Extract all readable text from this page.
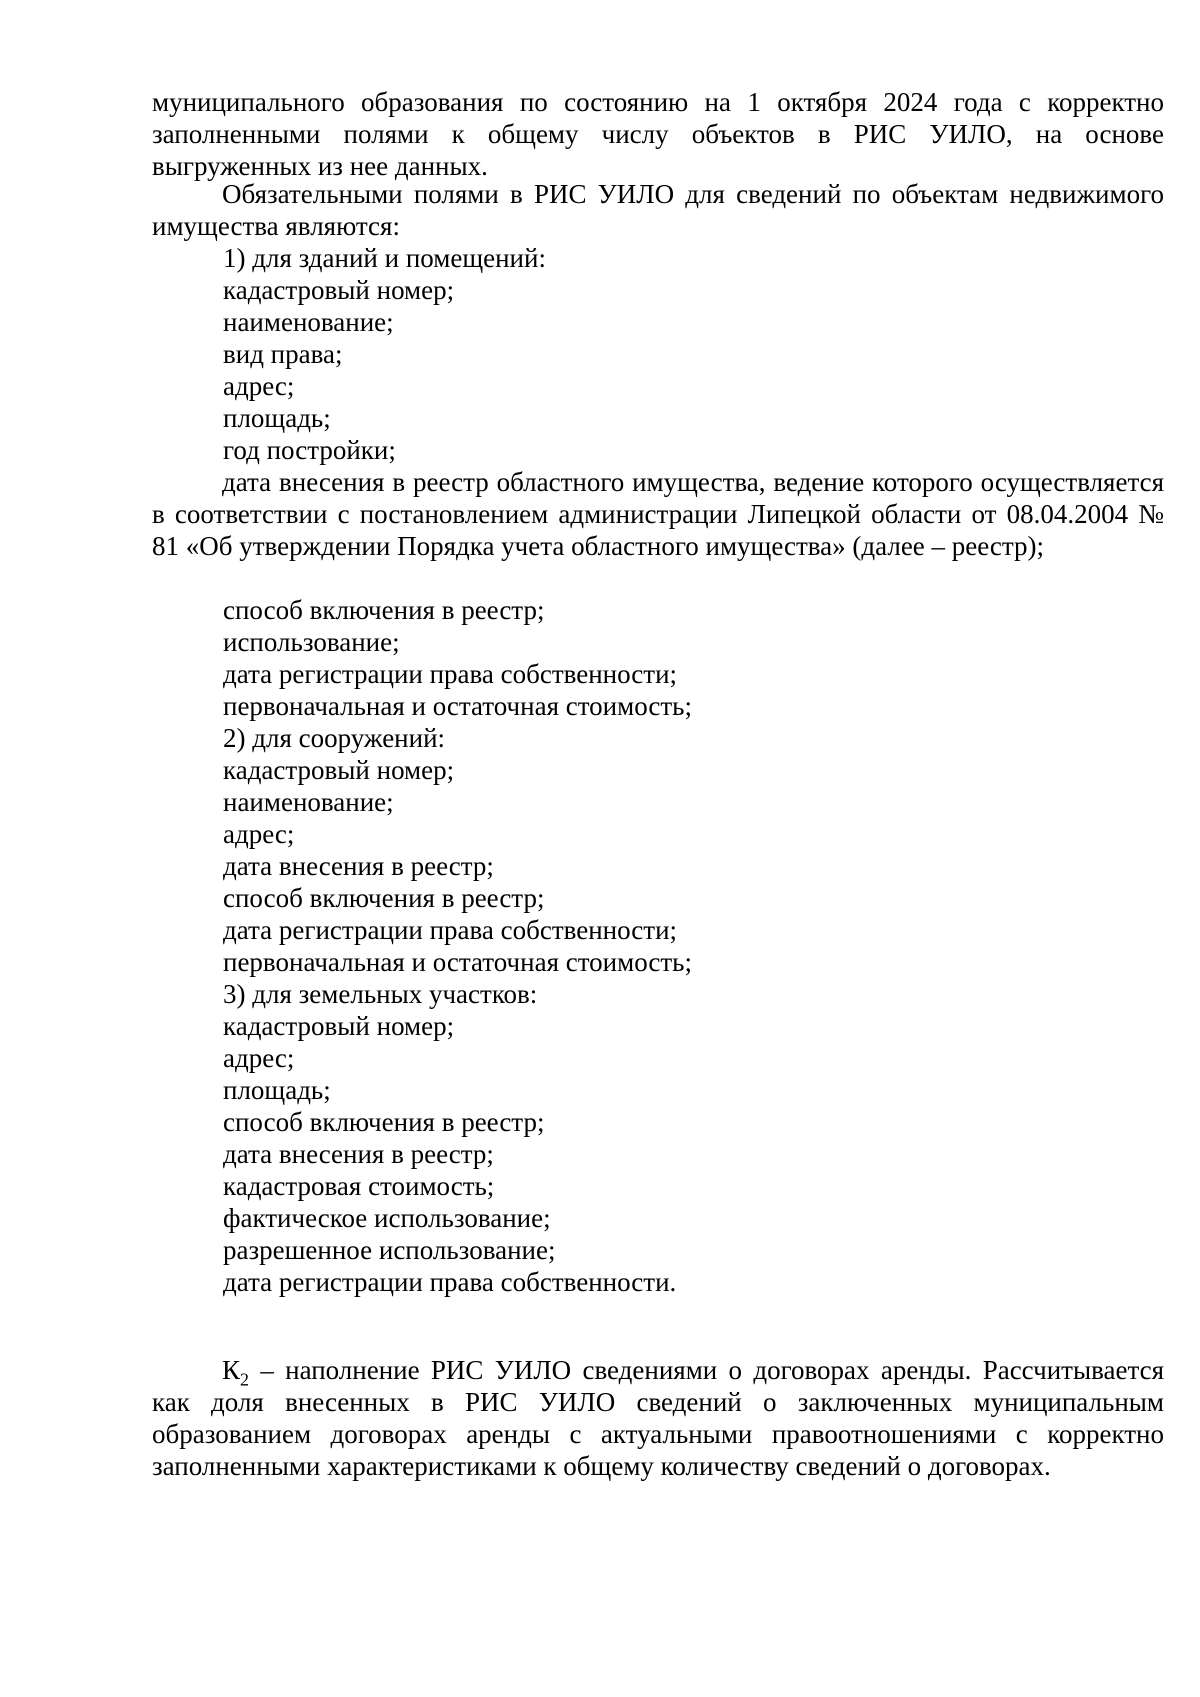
муниципального образования по состоянию на 1 октября 2024 года с корректно заполненными полями к общему числу объектов в РИС УИЛО, на основе выгруженных из нее данных.

Обязательными полями в РИС УИЛО для сведений по объектам недвижимого имущества являются:

1) для зданий и помещений:
кадастровый номер;
наименование;
вид права;
адрес;
площадь;
год постройки;

дата внесения в реестр областного имущества, ведение которого осуществляется в соответствии с постановлением администрации Липецкой области от 08.04.2004 № 81 «Об утверждении Порядка учета областного имущества» (далее – реестр);

способ включения в реестр;
использование;
дата регистрации права собственности;
первоначальная и остаточная стоимость;
2) для сооружений:
кадастровый номер;
наименование;
адрес;
дата внесения в реестр;
способ включения в реестр;
дата регистрации права собственности;
первоначальная и остаточная стоимость;
3) для земельных участков:
кадастровый номер;
адрес;
площадь;
способ включения в реестр;
дата внесения в реестр;
кадастровая стоимость;
фактическое использование;
разрешенное использование;
дата регистрации права собственности.

$К_2$ – наполнение РИС УИЛО сведениями о договорах аренды. Рассчитывается как доля внесенных в РИС УИЛО сведений о заключенных муниципальным образованием договорах аренды с актуальными правоотношениями с корректно заполненными характеристиками к общему количеству сведений о договорах.
